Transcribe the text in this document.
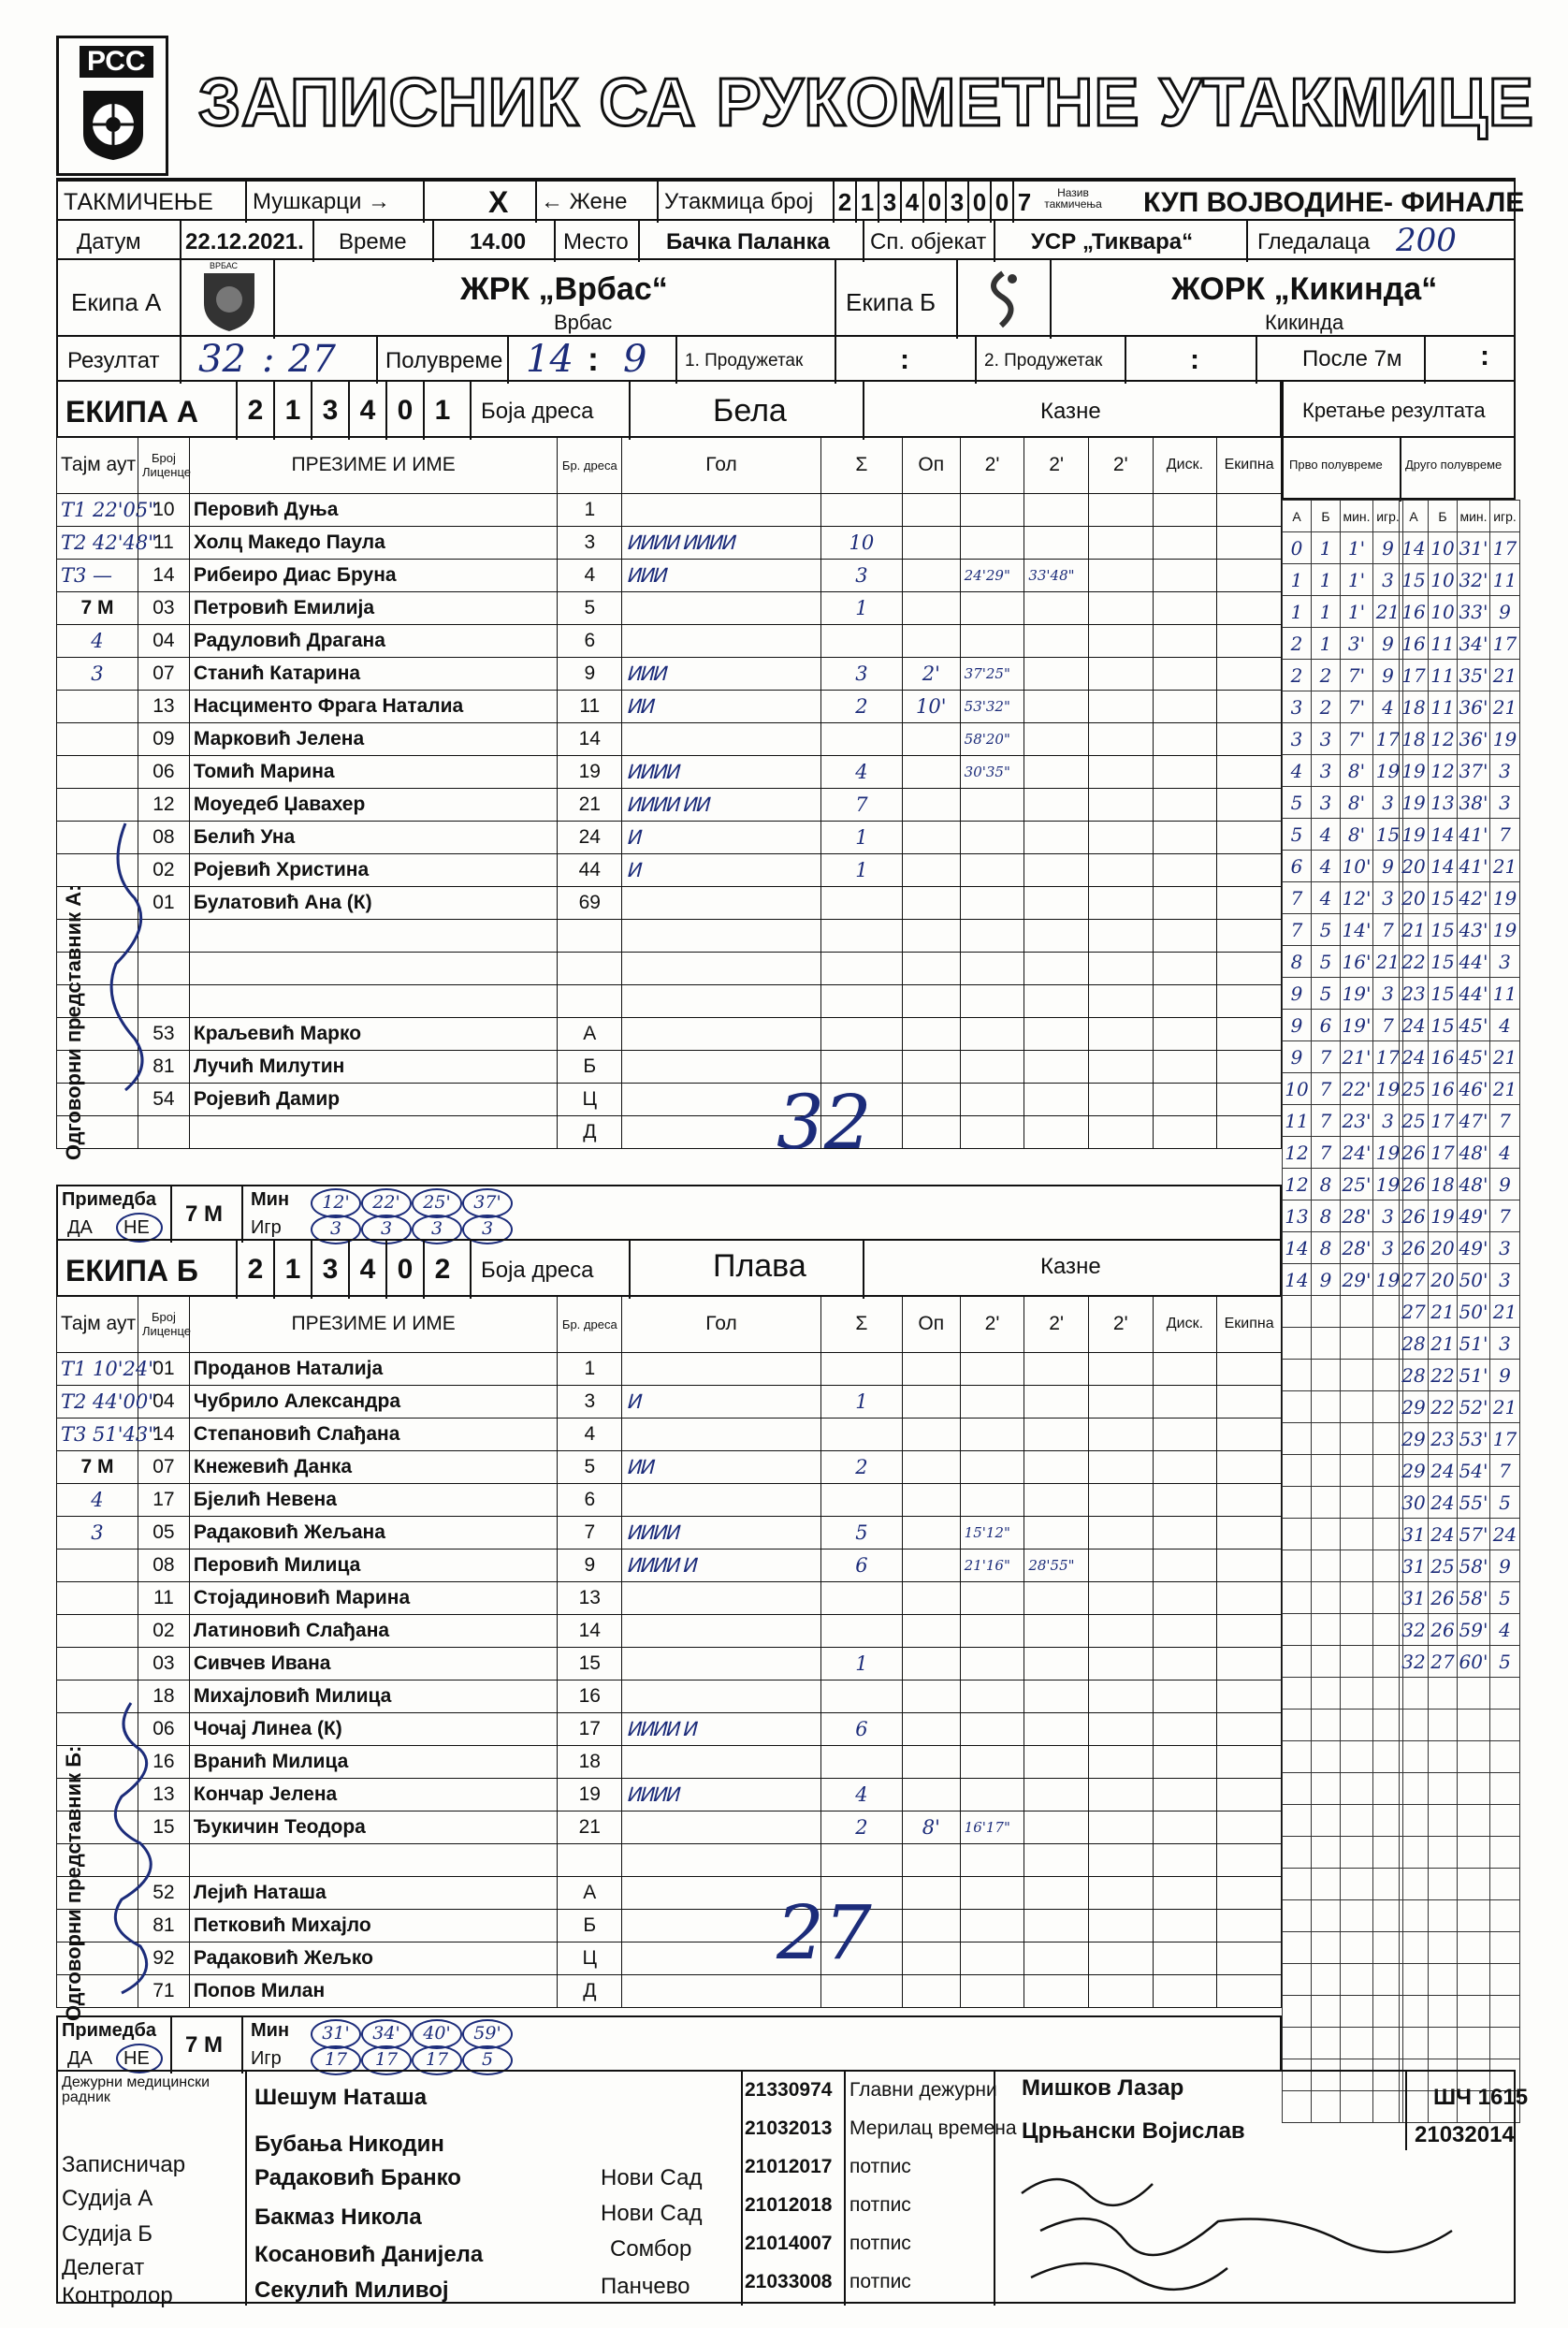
РСС
ЗАПИСНИК СА РУКОМЕТНЕ УТАКМИЦЕ
ТАКМИЧЕЊЕ Мушкарци →	X ← Жене Утакмица број 2 1 3 4 0 3 0 0 7	Назив такмичења КУП ВОЈВОДИНЕ- ФИНАЛЕ
Датум 22.12.2021. Време	14.00 Место Бачка Паланка Сп. објекат УСР „Тиквара“	Гледалаца 200
Екипа А
ВРБАС
ЖРК „Врбас“
Врбас
Екипа Б	ЖОРК „Кикинда“
Кикинда
Резултат 32 : 27 Полувреме 14 : 9 1. Продужетак	:	2. Продужетак	:	После 7м	:
ЕКИПА А	2 1 3 4 0 1	Боја дреса	Бела	Казне
Тајм аут	Број Лиценце	ПРЕЗИМЕ И ИМЕ	Бр. дреса	Гол	Σ	Оп	2'	2'	2'	Диск.	Екипна
T1 22'05"	10	Перовић Дуња	1								
T2 42'48"	11	Холц Македо Паула	3	ⵍⵍⵍⵍ ⵍⵍⵍⵍ	10						
T3 —	14	Рибеиро Диас Бруна	4	ⵍⵍⵍ	3		24'29"	33'48"			
7 М	03	Петровић Емилија	5		1						
4	04	Радуловић Драгана	6								
3	07	Станић Катарина	9	ⵍⵍⵍ	3	2'	37'25"				
	13	Насцименто Фрага Наталиа	11	ⵍⵍ	2	10'	53'32"				
	09	Марковић Јелена	14				58'20"				
	06	Томић Марина	19	ⵍⵍⵍⵍ	4		30'35"				
	12	Моуедеб Џавахер	21	ⵍⵍⵍⵍ ⵍⵍ	7						
	08	Белић Уна	24	ⵍ	1						
	02	Ројевић Христина	44	ⵍ	1						
	01	Булатовић Ана (К)	69								

	53	Краљевић Марко	А								
	81	Лучић Милутин	Б								
	54	Ројевић Дамир	Ц								
			Д								32
Одговорни представник А:
Примедба
ДА НЕ
7 М
Мин
Игр
12'
3
22'
3
25'
3
37'
3
ЕКИПА Б	2 1 3 4 0 2	Боја дреса	Плава	Казне
Тајм аут	Број Лиценце	ПРЕЗИМЕ И ИМЕ	Бр. дреса	Гол	Σ	Оп	2'	2'	2'	Диск.	Екипна
T1 10'24"	01	Проданов Наталија	1								
T2 44'00"	04	Чубрило Александра	3	ⵍ	1						
T3 51'43"	14	Степановић Слађана	4								
7 М	07	Кнежевић Данка	5	ⵍⵍ	2						
4	17	Бјелић Невена	6								
3	05	Радаковић Жељана	7	ⵍⵍⵍⵍ	5		15'12"				
	08	Перовић Милица	9	ⵍⵍⵍⵍ ⵍ	6		21'16"	28'55"			
	11	Стојадиновић Марина	13								
	02	Латиновић Слађана	14								
	03	Сивчев Ивана	15		1						
	18	Михаjловић Милица	16								
	06	Чочај Линеа (К)	17	ⵍⵍⵍⵍ ⵍ	6						
	16	Вранић Милица	18								
	13	Кончар Јелена	19	ⵍⵍⵍⵍ	4						
	15	Ђукичин Теодора	21		2	8'	16'17"				

	52	Лејић Наташа	А								
	81	Петковић Михајло	Б								
	92	Радаковић Жељко	Ц								
	71	Попов Милан	Д								
27
Одговорни представник Б:
Примедба
ДА НЕ
7 М
Мин
Игр
31'
17
34'
17
40'
17
59'
5
Кретање резултата
Прво полувреме Друго полувреме
А	Б	мин.	игр.
0	1	1'	9
1	1	1'	3
1	1	1'	21
2	1	3'	9
2	2	7'	9
3	2	7'	4
3	3	7'	17
4	3	8'	19
5	3	8'	3
5	4	8'	15
6	4	10'	9
7	4	12'	3
7	5	14'	7
8	5	16'	21
9	5	19'	3
9	6	19'	7
9	7	21'	17
10	7	22'	19
11	7	23'	3
12	7	24'	19
12	8	25'	19
13	8	28'	3
14	8	28'	3
14	9	29'	19

А	Б	мин.	игр.
14	10	31'	17
15	10	32'	11
16	10	33'	9
16	11	34'	17
17	11	35'	21
18	11	36'	21
18	12	36'	19
19	12	37'	3
19	13	38'	3
19	14	41'	7
20	14	41'	21
20	15	42'	19
21	15	43'	19
22	15	44'	3
23	15	44'	11
24	15	45'	4
24	16	45'	21
25	16	46'	21
25	17	47'	7
26	17	48'	4
26	18	48'	9
26	19	49'	7
26	20	49'	3
27	20	50'	3
27	21	50'	21
28	21	51'	3
28	22	51'	9
29	22	52'	21
29	23	53'	17
29	24	54'	7
30	24	55'	5
31	24	57'	24
31	25	58'	9
31	26	58'	5
32	26	59'	4
32	27	60'	5

Дежурни медицински радник	Шешум Наташа
Записничар
Бубања Никодин
Судија А
Радаковић Бранко	Нови Сад
Судија Б
Бакмаз Никола	Нови Сад
Делегат
Косановић Данијела	Сомбор
Контролор	Секулић Миливој	Панчево
21330974 Главни дежурни
21032013 Мерилац времена
21012017 потпис
21012018 потпис
21014007 потпис
21033008 потпис
Мишков Лазар	ШЧ 1615
Црњански Војислав	21032014
